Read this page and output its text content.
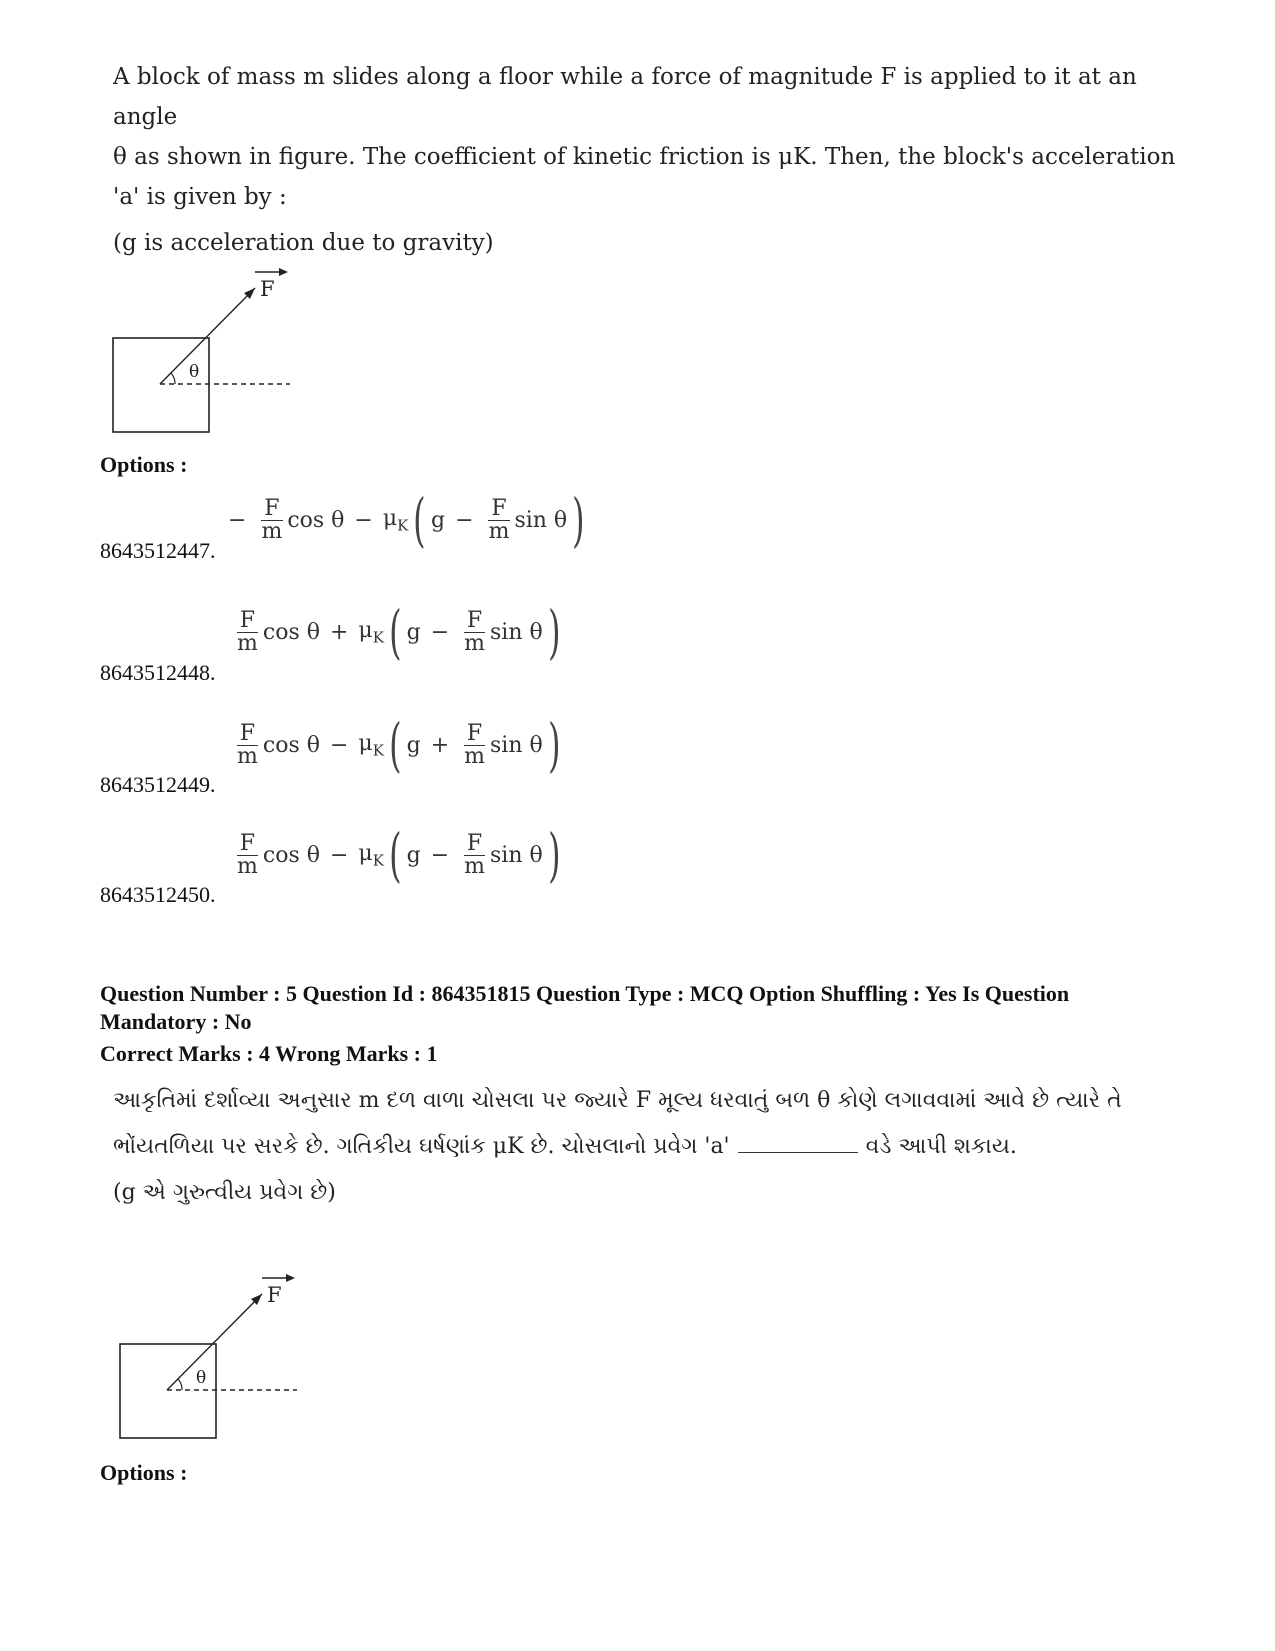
A block of mass m slides along a floor while a force of magnitude F is applied to it at an angle

θ as shown in figure. The coefficient of kinetic friction is μK. Then, the block's acceleration

'a' is given by :

(g is acceleration due to gravity)

θ
F
Options :
8643512447.
− $\frac{F}{m}$ $\cos \theta - \mu_K$ ( $g - \frac{F}{m}$ sin θ )
8643512448.
$\frac{F}{m}$ $\cos \theta + \mu_K$ ( $g - \frac{F}{m}$ sin θ )
8643512449.
$\frac{F}{m}$ $\cos \theta - \mu_K$ ( $g + \frac{F}{m}$ sin θ )
8643512450.
$\frac{F}{m}$ $\cos \theta - \mu_K$ ( $g - \frac{F}{m}$ sin θ )
Question Number : 5 Question Id : 864351815 Question Type : MCQ Option Shuffling : Yes Is Question
Mandatory : No
Correct Marks : 4 Wrong Marks : 1

આકૃતિમાં દર્શાવ્યા અનુસાર m દળ વાળા ચોસલા પર જ્યારે F મૂલ્ય ધરવાતું બળ θ કોણે લગાવવામાં આવે છે ત્યારે તે

ભોંયતળિયા પર સરકે છે. ગતિકીય ઘર્ષણાંક μK છે. ચોસલાનો પ્રવેગ 'a'	વડે આપી શકાય.

(g એ ગુરુત્વીય પ્રવેગ છે)

θ
F
Options :
